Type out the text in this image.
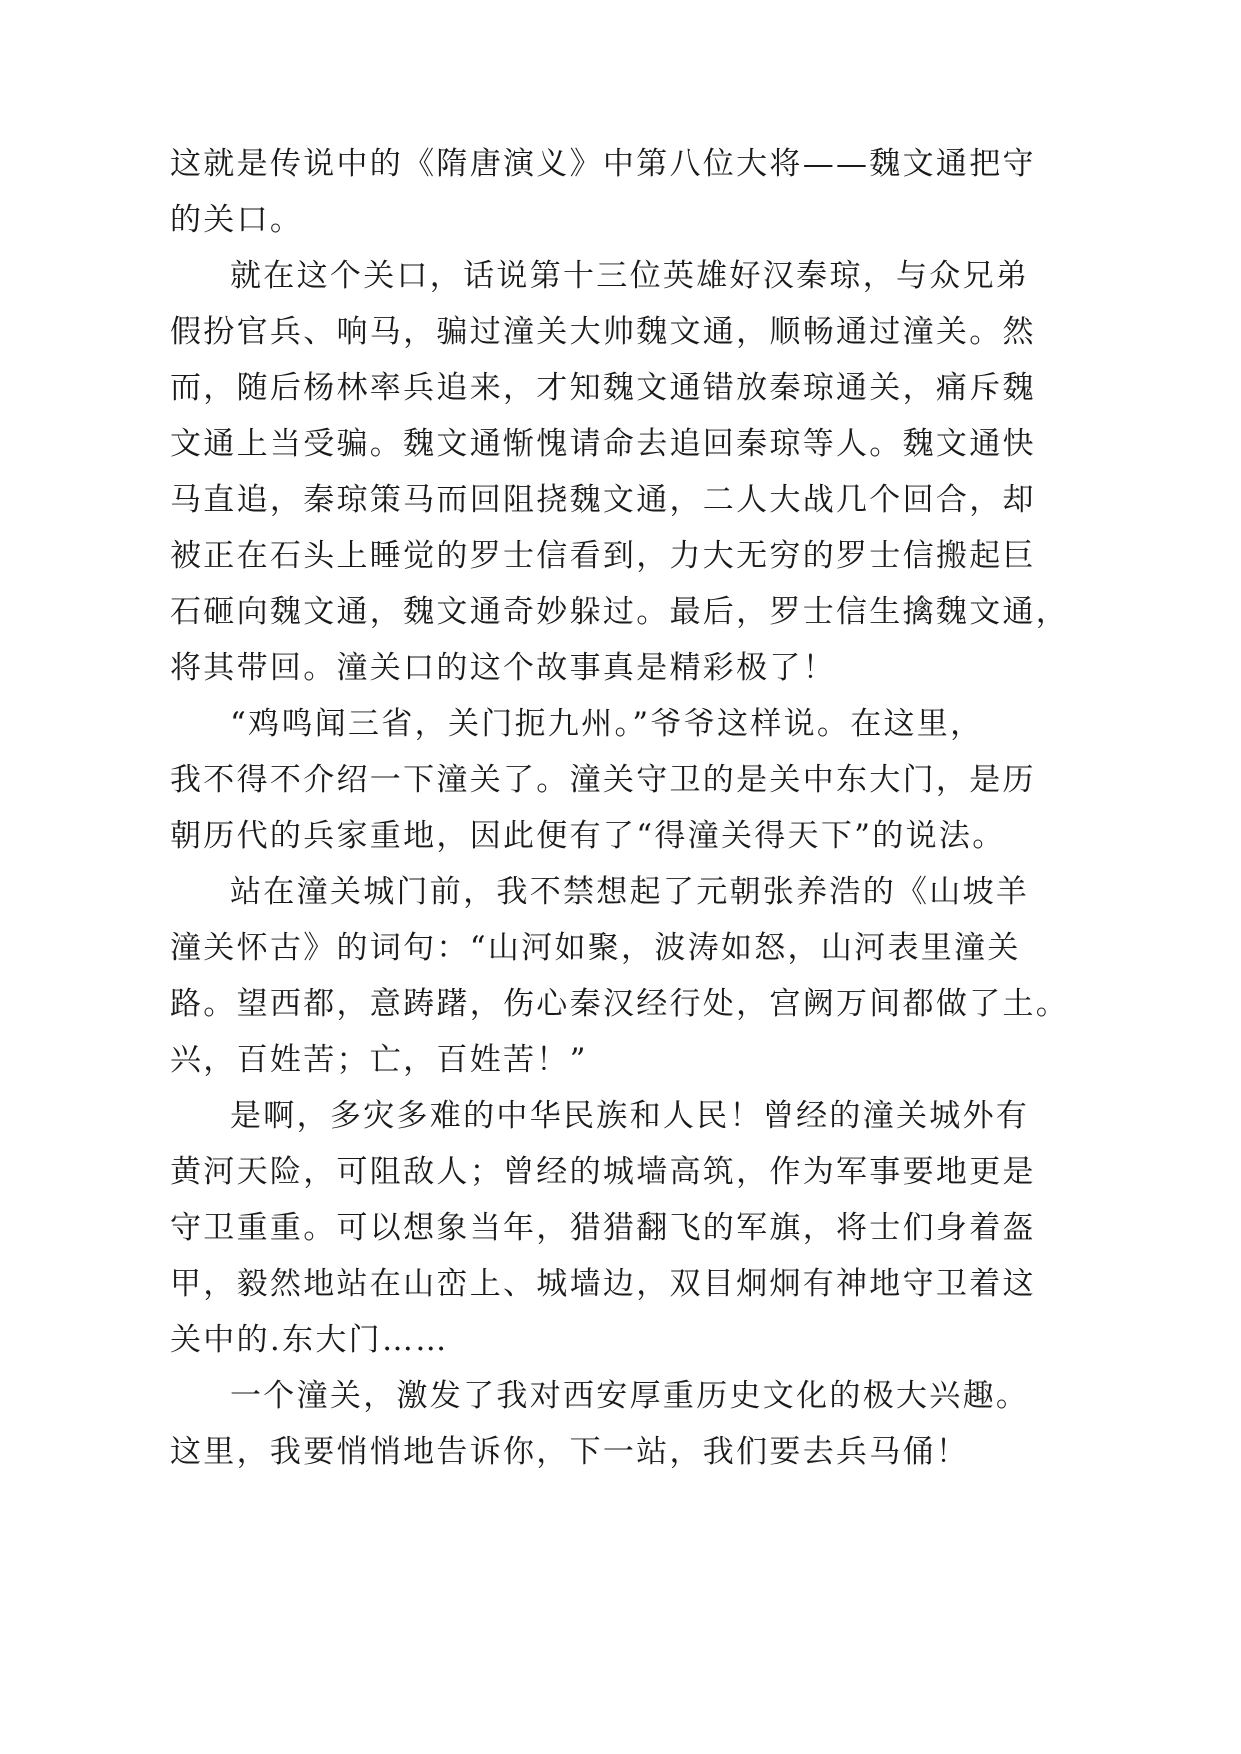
这就是传说中的《隋唐演义》中第八位大将——魏文通把守
的关口。
就在这个关口，话说第十三位英雄好汉秦琼，与众兄弟
假扮官兵、响马，骗过潼关大帅魏文通，顺畅通过潼关。然
而，随后杨林率兵追来，才知魏文通错放秦琼通关，痛斥魏
文通上当受骗。魏文通惭愧请命去追回秦琼等人。魏文通快
马直追，秦琼策马而回阻挠魏文通，二人大战几个回合，却
被正在石头上睡觉的罗士信看到，力大无穷的罗士信搬起巨
石砸向魏文通，魏文通奇妙躲过。最后，罗士信生擒魏文通，
将其带回。潼关口的这个故事真是精彩极了！
“鸡鸣闻三省，关门扼九州。”爷爷这样说。在这里，
我不得不介绍一下潼关了。潼关守卫的是关中东大门，是历
朝历代的兵家重地，因此便有了“得潼关得天下”的说法。
站在潼关城门前，我不禁想起了元朝张养浩的《山坡羊
潼关怀古》的词句：“山河如聚，波涛如怒，山河表里潼关
路。望西都，意踌躇，伤心秦汉经行处，宫阙万间都做了土。
兴，百姓苦；亡，百姓苦！”
是啊，多灾多难的中华民族和人民！曾经的潼关城外有
黄河天险，可阻敌人；曾经的城墙高筑，作为军事要地更是
守卫重重。可以想象当年，猎猎翻飞的军旗，将士们身着盔
甲，毅然地站在山峦上、城墙边，双目炯炯有神地守卫着这
关中的.东大门……
一个潼关，激发了我对西安厚重历史文化的极大兴趣。
这里，我要悄悄地告诉你，下一站，我们要去兵马俑！
